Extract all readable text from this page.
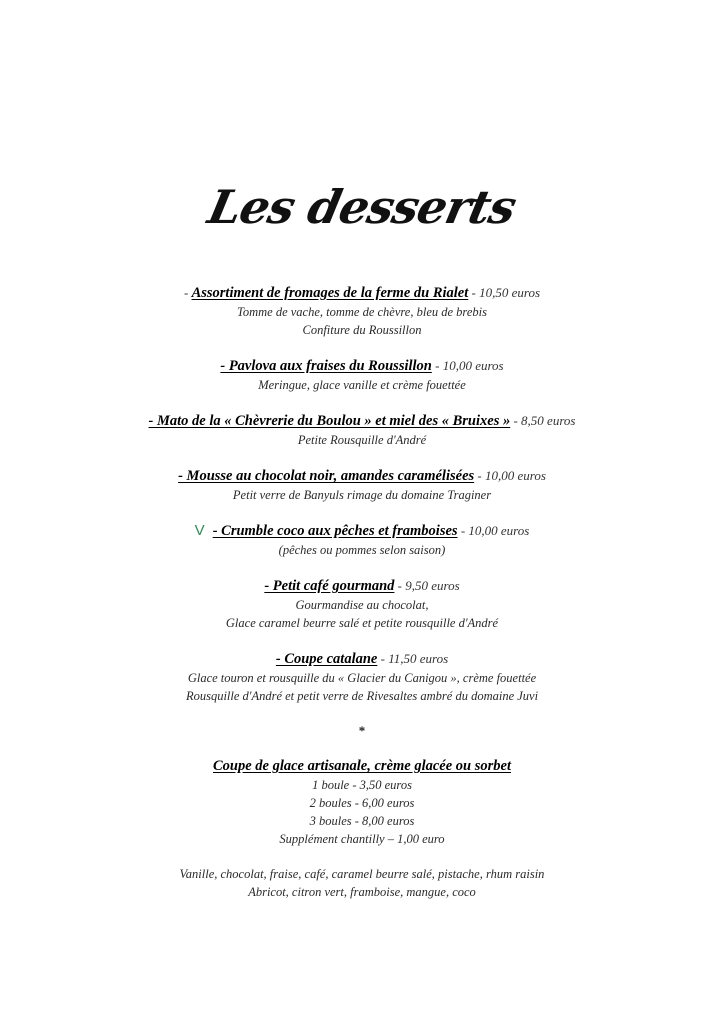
Les desserts
- Assortiment de fromages de la ferme du Rialet - 10,50 euros
Tomme de vache, tomme de chèvre, bleu de brebis
Confiture du Roussillon
- Pavlova aux fraises du Roussillon - 10,00 euros
Meringue, glace vanille et crème fouettée
- Mato de la « Chèvrerie du Boulou » et miel des « Bruixes » - 8,50 euros
Petite Rousquille d'André
- Mousse au chocolat noir, amandes caramélisées - 10,00 euros
Petit verre de Banyuls rimage du domaine Traginer
V - Crumble coco aux pêches et framboises - 10,00 euros
(pêches ou pommes selon saison)
- Petit café gourmand - 9,50 euros
Gourmandise au chocolat,
Glace caramel beurre salé et petite rousquille d'André
- Coupe catalane - 11,50 euros
Glace touron et rousquille du « Glacier du Canigou », crème fouettée
Rousquille d'André et petit verre de Rivesaltes ambré du domaine Juvi
*
Coupe de glace artisanale, crème glacée ou sorbet
1 boule - 3,50 euros
2 boules - 6,00 euros
3 boules - 8,00 euros
Supplément chantilly – 1,00 euro
Vanille, chocolat, fraise, café, caramel beurre salé, pistache, rhum raisin
Abricot, citron vert, framboise, mangue, coco
